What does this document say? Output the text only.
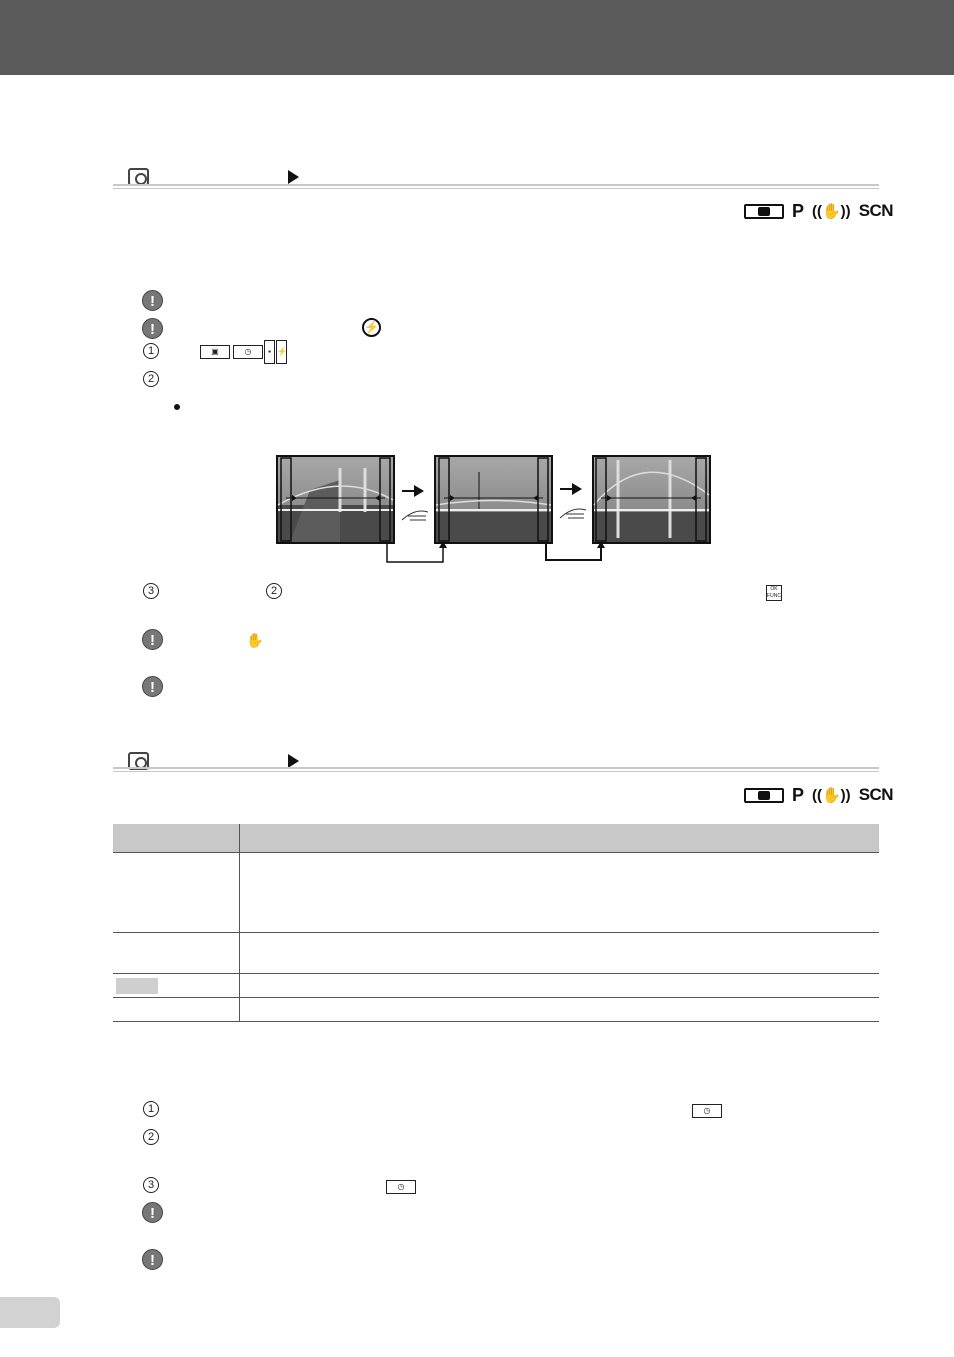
P ((✋)) SCN
!
!	⚡
1	▣	◷	▪ ⚡
2
3	2	OK
FUNC
!	✋
!
P ((✋)) SCN

1	◷
2
3	◷
!
!
